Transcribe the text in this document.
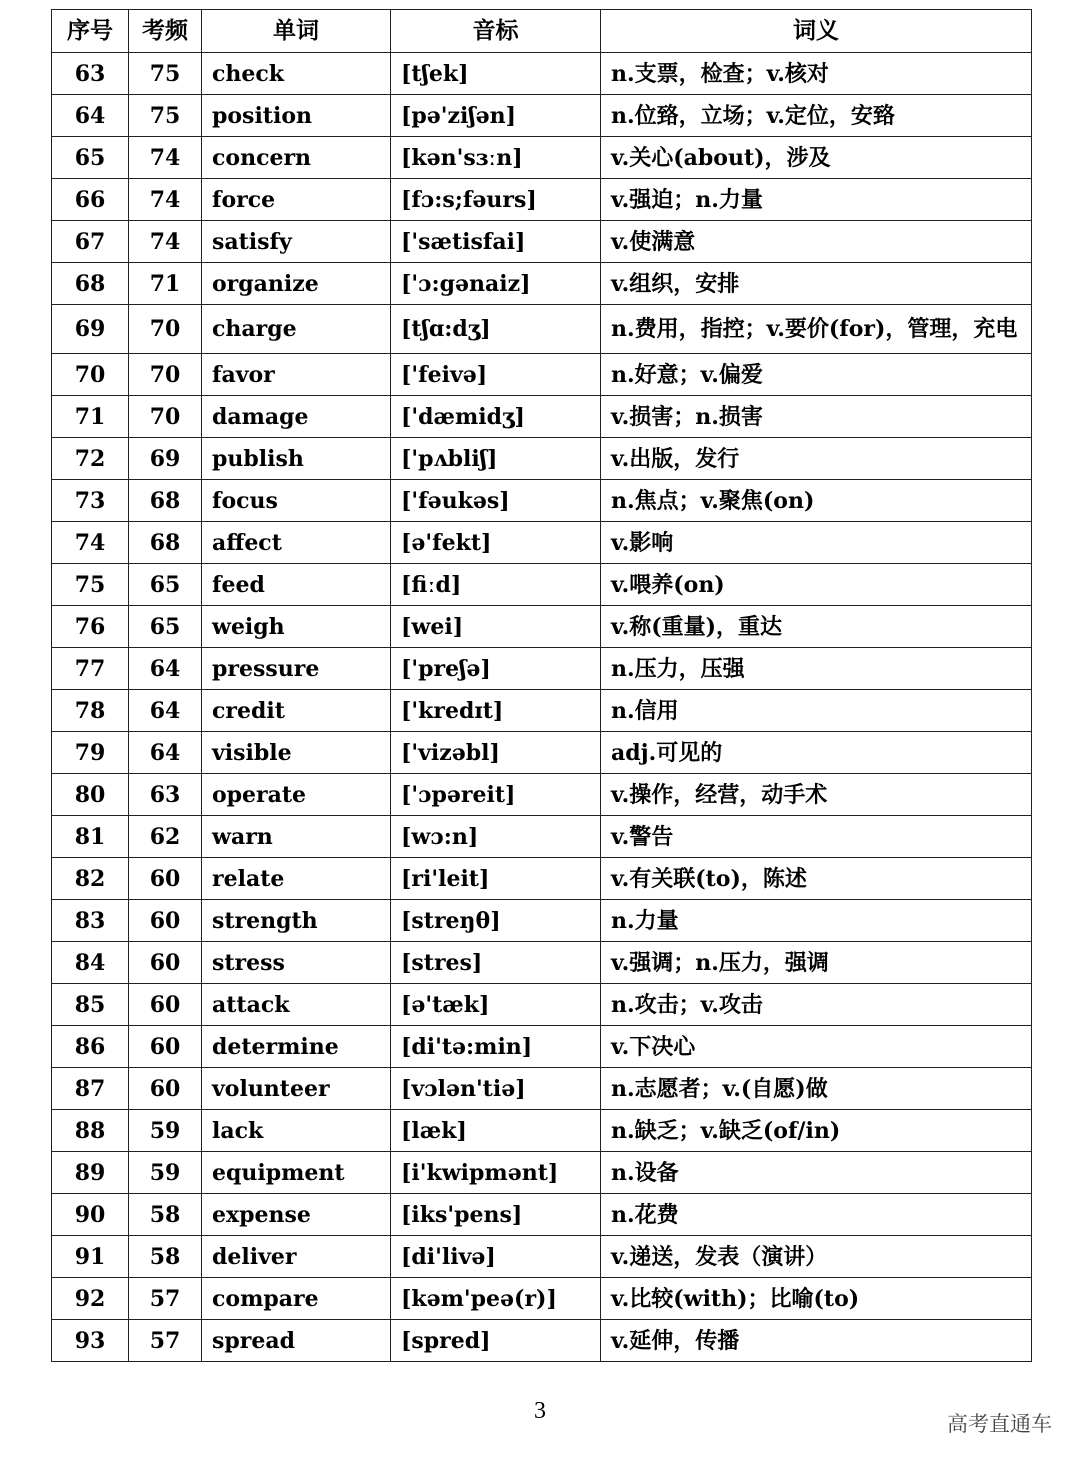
序号	考频	单词	音标	词义
63	75	check	[tʃek]	n.支票，检查；v.核对
64	75	position	[pə'ziʃən]	n.位臵，立场；v.定位，安臵
65	74	concern	[kən'sɜːn]	v.关心(about)，涉及
66	74	force	[fɔ:s;fəurs]	v.强迫；n.力量
67	74	satisfy	['sætisfai]	v.使满意
68	71	organize	['ɔ:gənaiz]	v.组织，安排
69	70	charge	[tʃɑ:dʒ]	n.费用，指控；v.要价(for)，管理，充电
70	70	favor	['feivə]	n.好意；v.偏爱
71	70	damage	['dæmidʒ]	v.损害；n.损害
72	69	publish	['pʌbliʃ]	v.出版，发行
73	68	focus	['fəukəs]	n.焦点；v.聚焦(on)
74	68	affect	[ə'fekt]	v.影响
75	65	feed	[fiːd]	v.喂养(on)
76	65	weigh	[wei]	v.称(重量)，重达
77	64	pressure	['preʃə]	n.压力，压强
78	64	credit	['kredɪt]	n.信用
79	64	visible	['vizəbl]	adj.可见的
80	63	operate	['ɔpəreit]	v.操作，经营，动手术
81	62	warn	[wɔ:n]	v.警告
82	60	relate	[ri'leit]	v.有关联(to)，陈述
83	60	strength	[streŋθ]	n.力量
84	60	stress	[stres]	v.强调；n.压力，强调
85	60	attack	[ə'tæk]	n.攻击；v.攻击
86	60	determine	[di'tə:min]	v.下决心
87	60	volunteer	[vɔlən'tiə]	n.志愿者；v.(自愿)做
88	59	lack	[læk]	n.缺乏；v.缺乏(of/in)
89	59	equipment	[i'kwipmənt]	n.设备
90	58	expense	[iks'pens]	n.花费
91	58	deliver	[di'livə]	v.递送，发表（演讲）
92	57	compare	[kəm'peə(r)]	v.比较(with)；比喻(to)
93	57	spread	[spred]	v.延伸，传播
3	高考直通车
